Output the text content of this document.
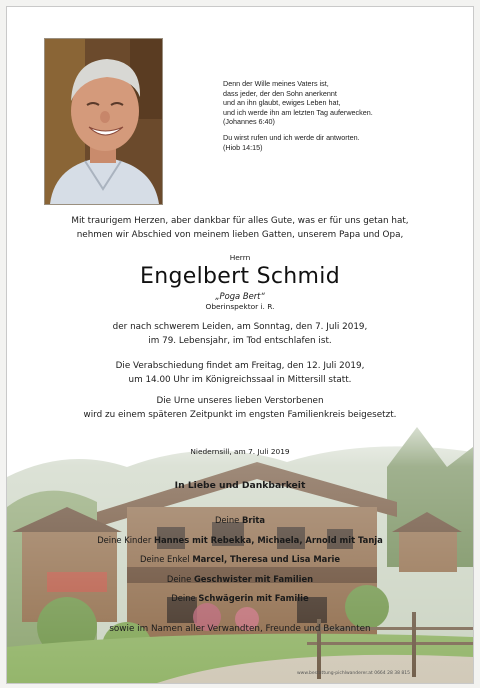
Denn der Wille meines Vaters ist,

dass jeder, der den Sohn anerkennt

und an ihn glaubt, ewiges Leben hat,

und ich werde ihn am letzten Tag auferwecken.

(Johannes 6:40)

Du wirst rufen und ich werde dir antworten.

(Hiob 14:15)

Mit traurigem Herzen, aber dankbar für alles Gute, was er für uns getan hat,
nehmen wir Abschied von meinem lieben Gatten, unserem Papa und Opa,
Herrn
Engelbert Schmid
„Poga Bert“
Oberinspektor i. R.
der nach schwerem Leiden, am Sonntag, den 7. Juli 2019,
im 79. Lebensjahr, im Tod entschlafen ist.
Die Verabschiedung findet am Freitag, den 12. Juli 2019,
um 14.00 Uhr im Königreichssaal in Mittersill statt.
Die Urne unseres lieben Verstorbenen
wird zu einem späteren Zeitpunkt im engsten Familienkreis beigesetzt.
Niedernsill, am 7. Juli 2019
In Liebe und Dankbarkeit
Deine Brita
Deine Kinder Hannes mit Rebekka, Michaela, Arnold mit Tanja
Deine Enkel Marcel, Theresa und Lisa Marie
Deine Geschwister mit Familien
Deine Schwägerin mit Familie
sowie im Namen aller Verwandten, Freunde und Bekannten
www.bestattung-pichlwanderer.at 0664 28 38 815
